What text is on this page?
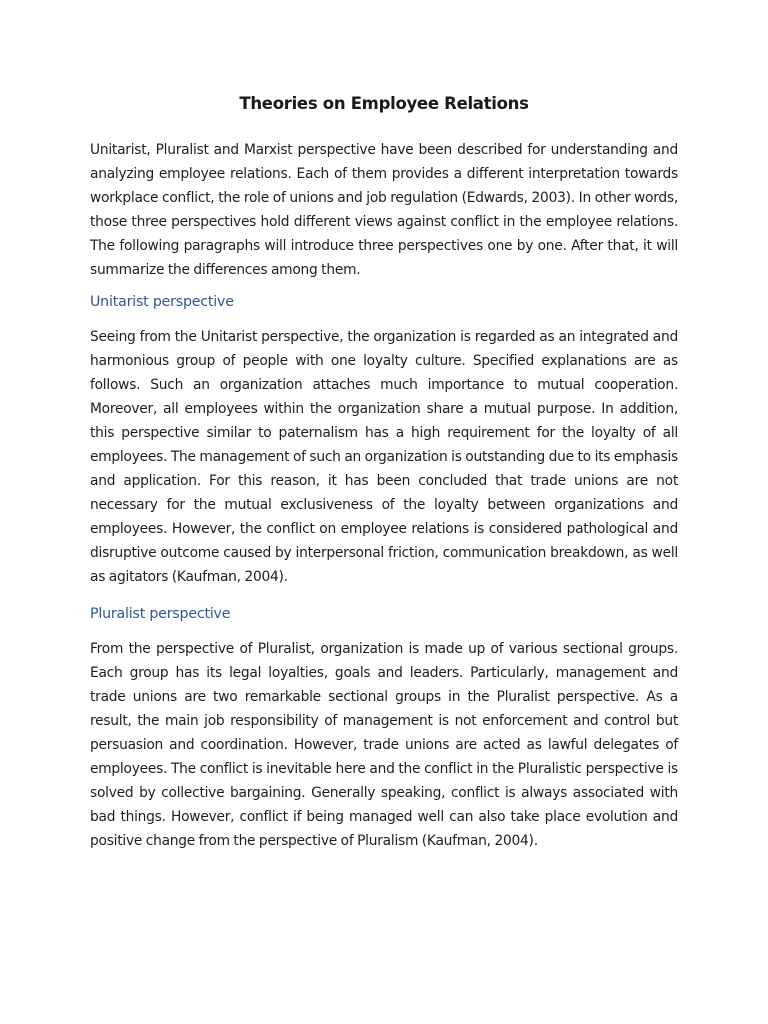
Theories on Employee Relations

Unitarist, Pluralist and Marxist perspective have been described for understanding and analyzing employee relations. Each of them provides a different interpretation towards workplace conflict, the role of unions and job regulation (Edwards, 2003). In other words, those three perspectives hold different views against conflict in the employee relations. The following paragraphs will introduce three perspectives one by one. After that, it will summarize the differences among them.

Unitarist perspective

Seeing from the Unitarist perspective, the organization is regarded as an integrated and harmonious group of people with one loyalty culture. Specified explanations are as follows. Such an organization attaches much importance to mutual cooperation. Moreover, all employees within the organization share a mutual purpose. In addition, this perspective similar to paternalism has a high requirement for the loyalty of all employees. The management of such an organization is outstanding due to its emphasis and application. For this reason, it has been concluded that trade unions are not necessary for the mutual exclusiveness of the loyalty between organizations and employees. However, the conflict on employee relations is considered pathological and disruptive outcome caused by interpersonal friction, communication breakdown, as well as agitators (Kaufman, 2004).

Pluralist perspective

From the perspective of Pluralist, organization is made up of various sectional groups. Each group has its legal loyalties, goals and leaders. Particularly, management and trade unions are two remarkable sectional groups in the Pluralist perspective. As a result, the main job responsibility of management is not enforcement and control but persuasion and coordination. However, trade unions are acted as lawful delegates of employees. The conflict is inevitable here and the conflict in the Pluralistic perspective is solved by collective bargaining. Generally speaking, conflict is always associated with bad things. However, conflict if being managed well can also take place evolution and positive change from the perspective of Pluralism (Kaufman, 2004).
